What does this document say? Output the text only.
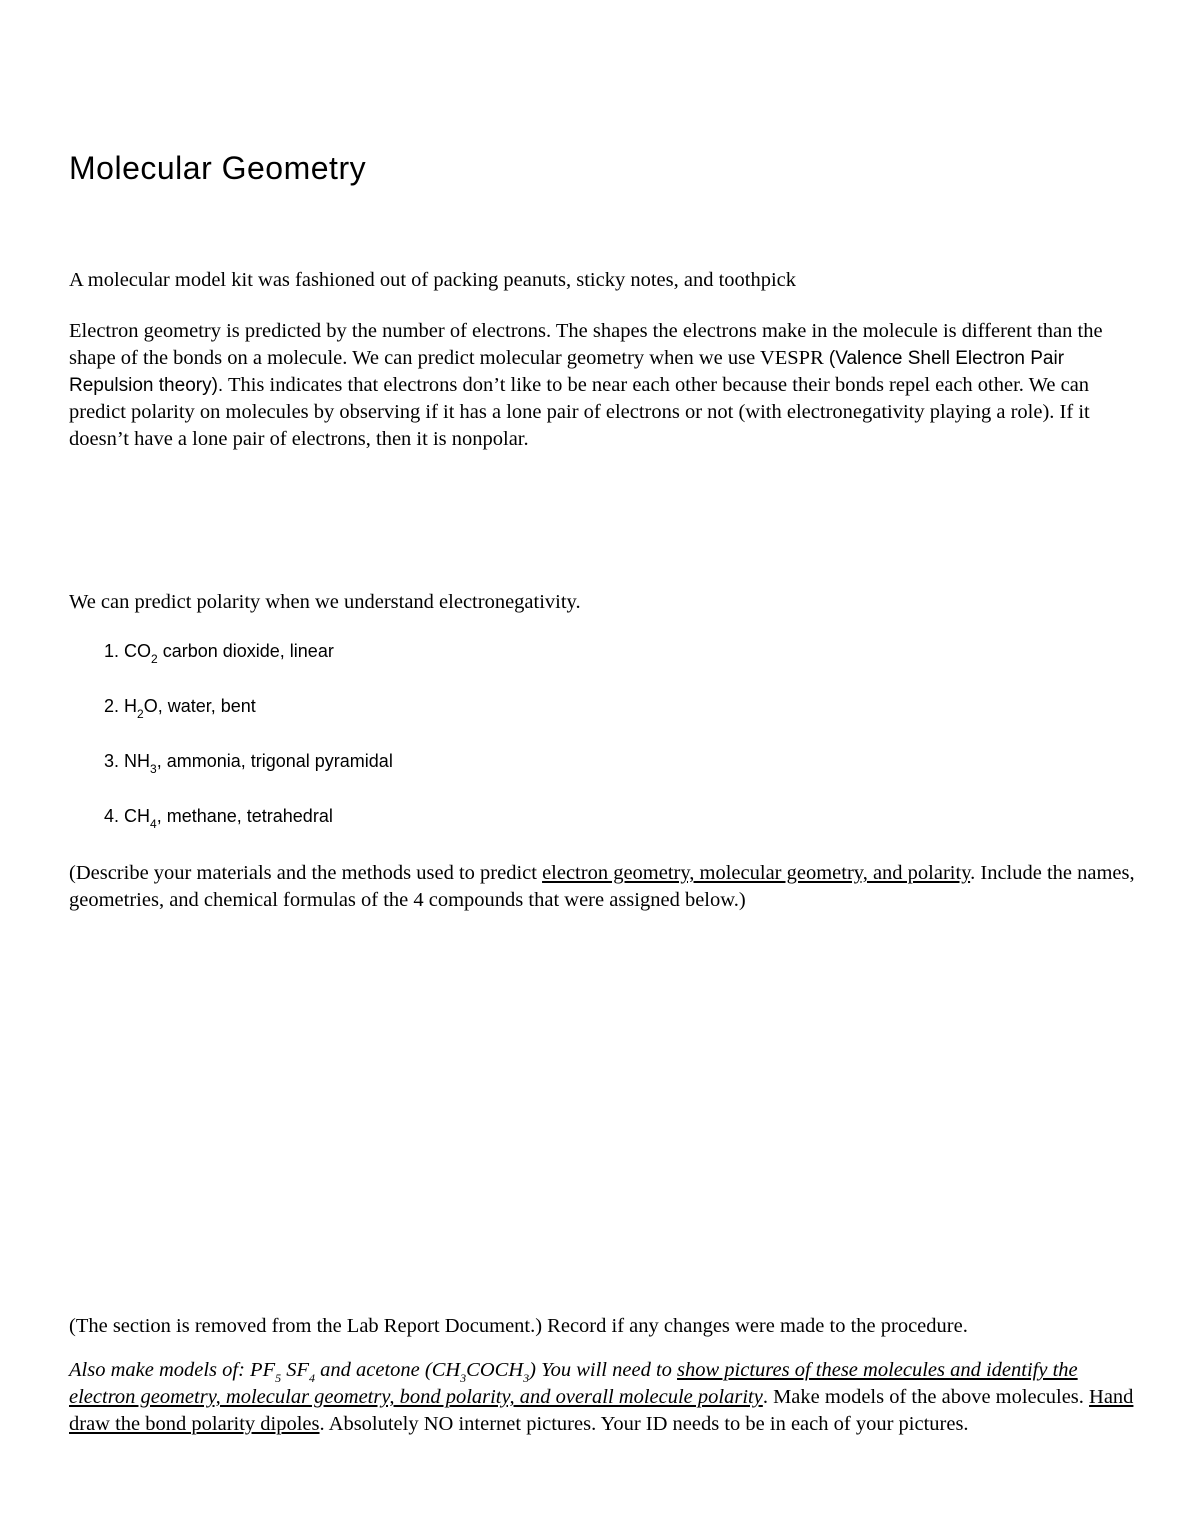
Molecular Geometry

A molecular model kit was fashioned out of packing peanuts, sticky notes, and toothpick

Electron geometry is predicted by the number of electrons. The shapes the electrons make in the molecule is different than the shape of the bonds on a molecule. We can predict molecular geometry when we use VESPR (Valence Shell Electron Pair Repulsion theory). This indicates that electrons don’t like to be near each other because their bonds repel each other. We can predict polarity on molecules by observing if it has a lone pair of electrons or not (with electronegativity playing a role). If it doesn’t have a lone pair of electrons, then it is nonpolar.

We can predict polarity when we understand electronegativity.

1. $CO_2$ carbon dioxide, linear
2. $H_2O$, water, bent
3. $NH_3$, ammonia, trigonal pyramidal
4. $CH_4$, methane, tetrahedral

(Describe your materials and the methods used to predict electron geometry, molecular geometry, and polarity. Include the names, geometries, and chemical formulas of the 4 compounds that were assigned below.)

(The section is removed from the Lab Report Document.) Record if any changes were made to the procedure.

Also make models of: $PF_5$ $SF_4$ and acetone $(CH_3COCH_3)$ You will need to show pictures of these molecules and identify the electron geometry, molecular geometry, bond polarity, and overall molecule polarity. Make models of the above molecules. Hand draw the bond polarity dipoles. Absolutely NO internet pictures. Your ID needs to be in each of your pictures.
